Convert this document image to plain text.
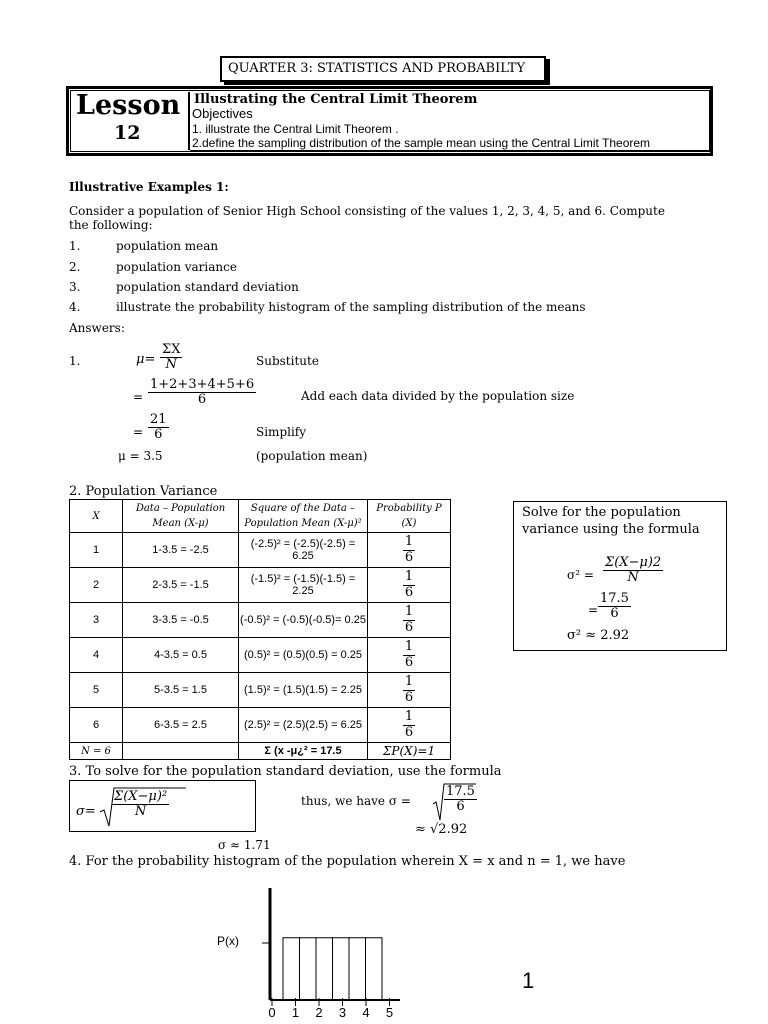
QUARTER 3: STATISTICS AND PROBABILTY
Lesson
12
Illustrating the Central Limit Theorem
Objectives
1. illustrate the Central Limit Theorem .
2.define the sampling distribution of the sample mean using the Central Limit Theorem
Illustrative Examples 1:
Consider a population of Senior High School consisting of the values 1, 2, 3, 4, 5, and 6. Compute
the following:
1.	population mean
2.	population variance
3.	population standard deviation
4.	illustrate the probability histogram of the sampling distribution of the means
Answers:
1.	$\mu= \frac{\Sigma X}{N}$	Substitute
= $\frac{1+2+3+4+5+6}{6}$	Add each data divided by the population size
= $\frac{21}{6}$	Simplify
μ = 3.5	(population mean)
2. Population Variance
X	Data – Population Mean (X-μ)	Square of the Data – Population Mean (X-μ)²	Probability P (X)
1	1-3.5 = -2.5	(-2.5)² = (-2.5)(-2.5) = 6.25	$\frac{1}{6}$

2	2-3.5 = -1.5	(-1.5)² = (-1.5)(-1.5) = 2.25	$\frac{1}{6}$

3	3-3.5 = -0.5	(-0.5)² = (-0.5)(-0.5)= 0.25	$\frac{1}{6}$

4	4-3.5 = 0.5	(0.5)² = (0.5)(0.5) = 0.25	$\frac{1}{6}$

5	5-3.5 = 1.5	(1.5)² = (1.5)(1.5) = 2.25	$\frac{1}{6}$

6	6-3.5 = 2.5	(2.5)² = (2.5)(2.5) = 6.25	$\frac{1}{6}$

N = 6		Σ (x -μ¿² = 17.5	ΣP(X)=1
Solve for the population
variance using the formula
$\sigma^2 = \frac{\Sigma(X-\mu)2}{N}$
= $\frac{17.5}{6}$
σ² ≈ 2.92
3. To solve for the population standard deviation, use the formula
$\sigma= \frac{\text{Σ(X−μ)²}}{N}$	thus, we have σ =	$\frac{17.5}{6}$
≈ √2.92
σ ≈ 1.71
4. For the probability histogram of the population wherein X = x and n = 1, we have
P(x)
0 1 2 3 4 5
1
